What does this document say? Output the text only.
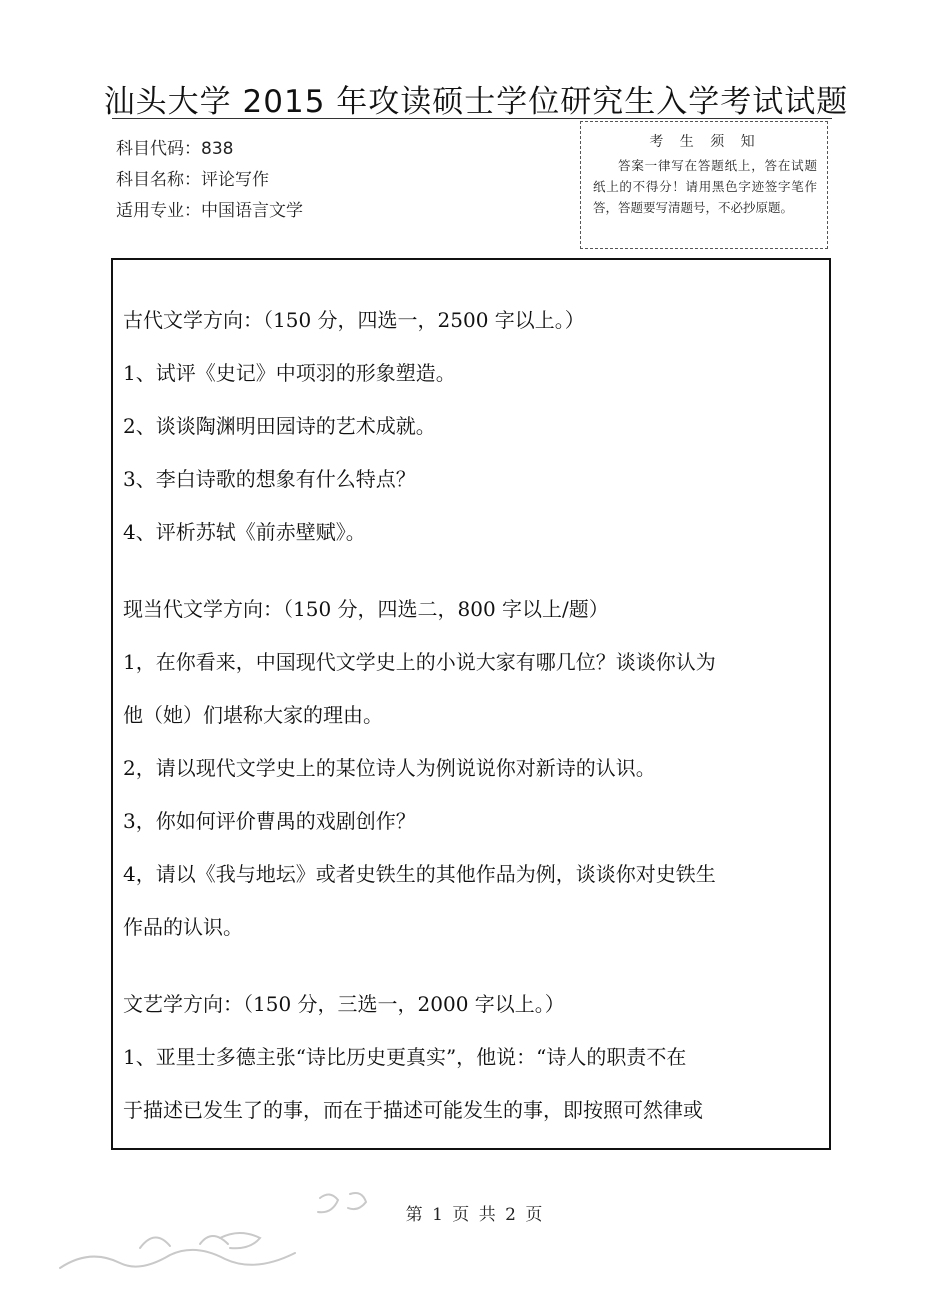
汕头大学 2015 年攻读硕士学位研究生入学考试试题
科目代码：838
科目名称：评论写作
适用专业：中国语言文学
考 生 须 知
答案一律写在答题纸上，答在试题纸上的不得分！请用黑色字迹签字笔作答，答题要写清题号，不必抄原题。
古代文学方向：（150 分，四选一，2500 字以上。）
1、试评《史记》中项羽的形象塑造。
2、谈谈陶渊明田园诗的艺术成就。
3、李白诗歌的想象有什么特点？
4、评析苏轼《前赤壁赋》。
现当代文学方向：（150 分，四选二，800 字以上/题）
1，在你看来，中国现代文学史上的小说大家有哪几位？谈谈你认为
他（她）们堪称大家的理由。
2，请以现代文学史上的某位诗人为例说说你对新诗的认识。
3，你如何评价曹禺的戏剧创作？
4，请以《我与地坛》或者史铁生的其他作品为例，谈谈你对史铁生
作品的认识。
文艺学方向：（150 分，三选一，2000 字以上。）
1、亚里士多德主张“诗比历史更真实”，他说：“诗人的职责不在
于描述已发生了的事，而在于描述可能发生的事，即按照可然律或
第 1 页 共 2 页
